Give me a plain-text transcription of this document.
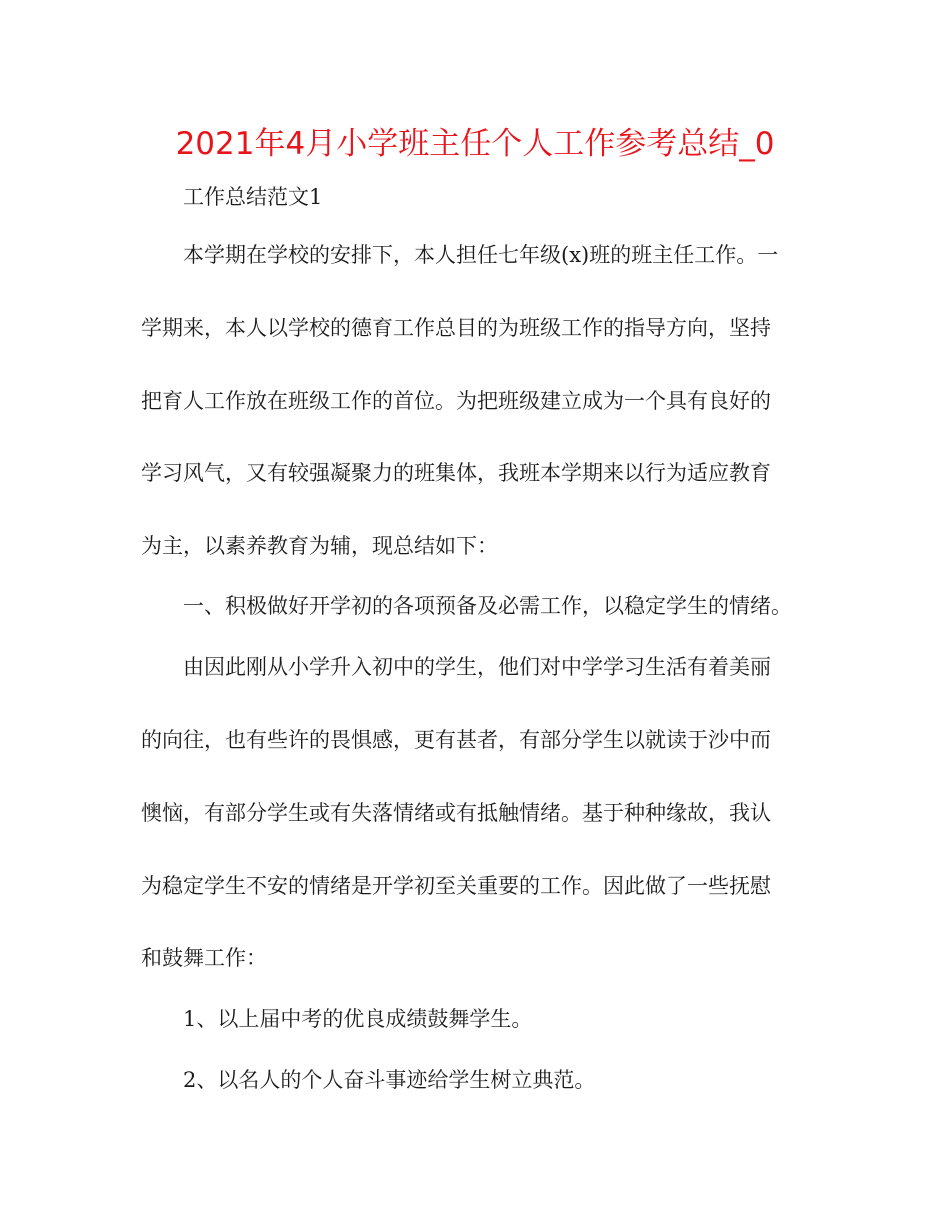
2021年4月小学班主任个人工作参考总结_0
工作总结范文1
本学期在学校的安排下，本人担任七年级(x)班的班主任工作。一
学期来，本人以学校的德育工作总目的为班级工作的指导方向，坚持
把育人工作放在班级工作的首位。为把班级建立成为一个具有良好的
学习风气，又有较强凝聚力的班集体，我班本学期来以行为适应教育
为主，以素养教育为辅，现总结如下：
一、积极做好开学初的各项预备及必需工作，以稳定学生的情绪。
由因此刚从小学升入初中的学生，他们对中学学习生活有着美丽
的向往，也有些许的畏惧感，更有甚者，有部分学生以就读于沙中而
懊恼，有部分学生或有失落情绪或有抵触情绪。基于种种缘故，我认
为稳定学生不安的情绪是开学初至关重要的工作。因此做了一些抚慰
和鼓舞工作：
1、以上届中考的优良成绩鼓舞学生。
2、以名人的个人奋斗事迹给学生树立典范。
